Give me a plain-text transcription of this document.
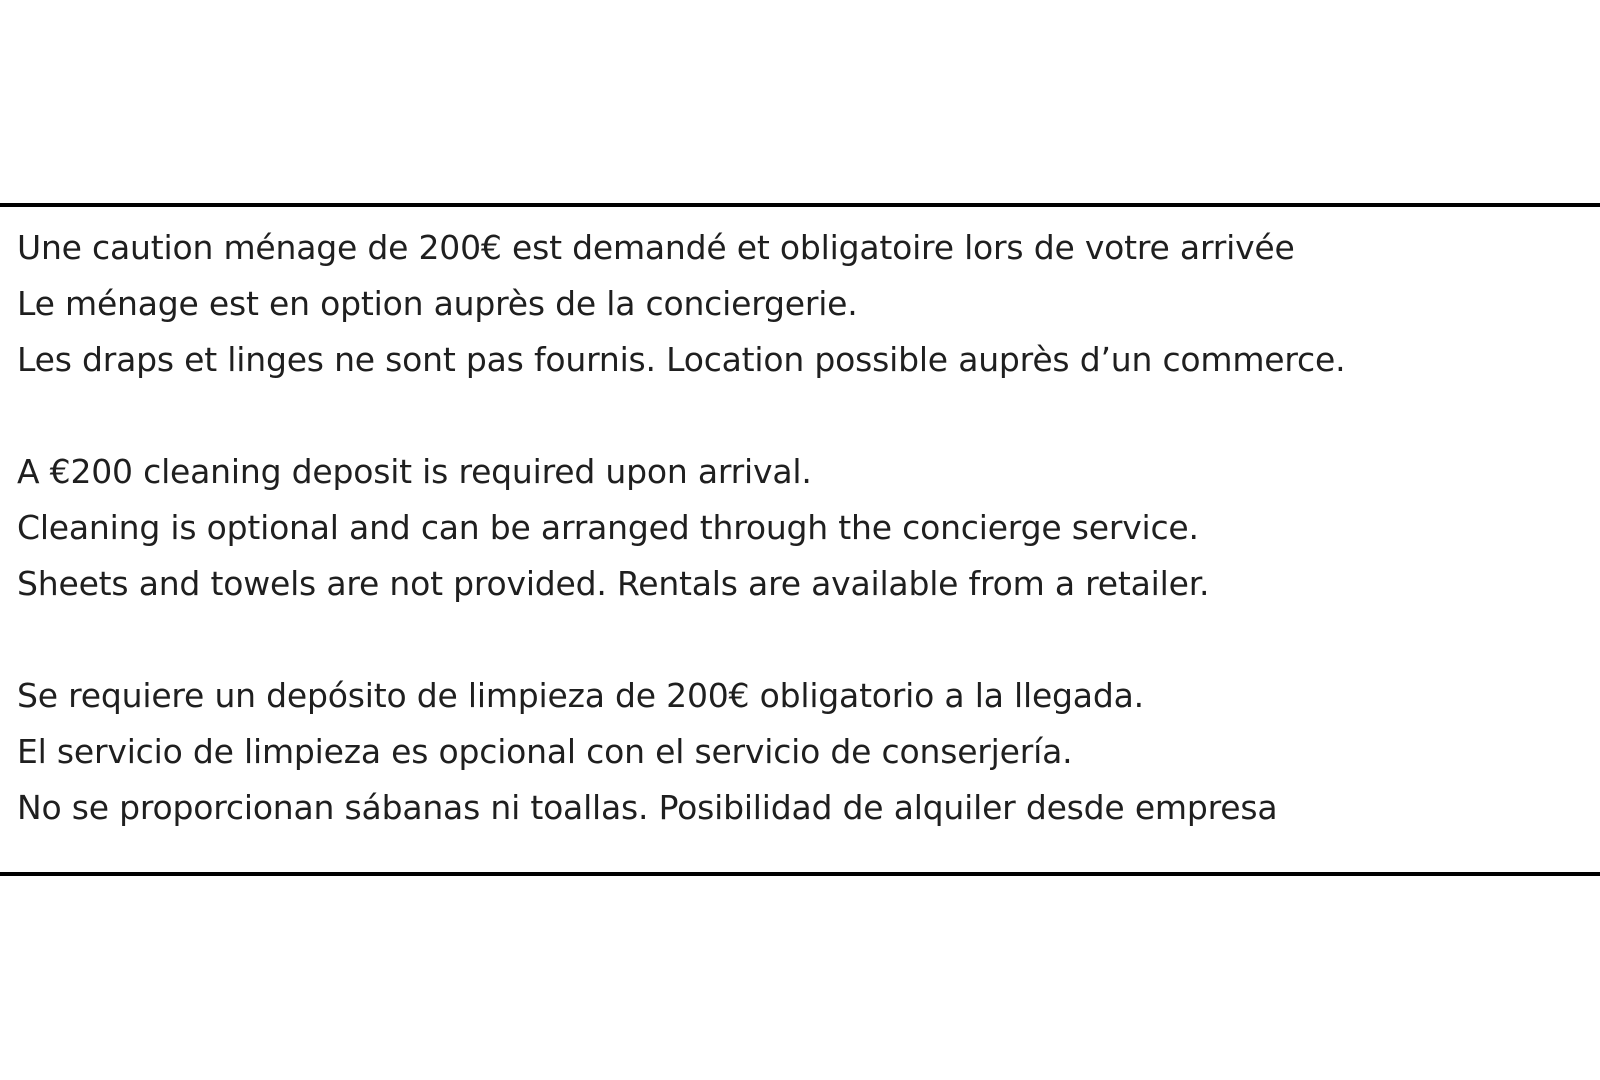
Une caution ménage de 200€ est demandé et obligatoire lors de votre arrivée
Le ménage est en option auprès de la conciergerie.
Les draps et linges ne sont pas fournis. Location possible auprès d’un commerce.
A €200 cleaning deposit is required upon arrival.
Cleaning is optional and can be arranged through the concierge service.
Sheets and towels are not provided. Rentals are available from a retailer.
Se requiere un depósito de limpieza de 200€ obligatorio a la llegada.
El servicio de limpieza es opcional con el servicio de conserjería.
No se proporcionan sábanas ni toallas. Posibilidad de alquiler desde empresa
